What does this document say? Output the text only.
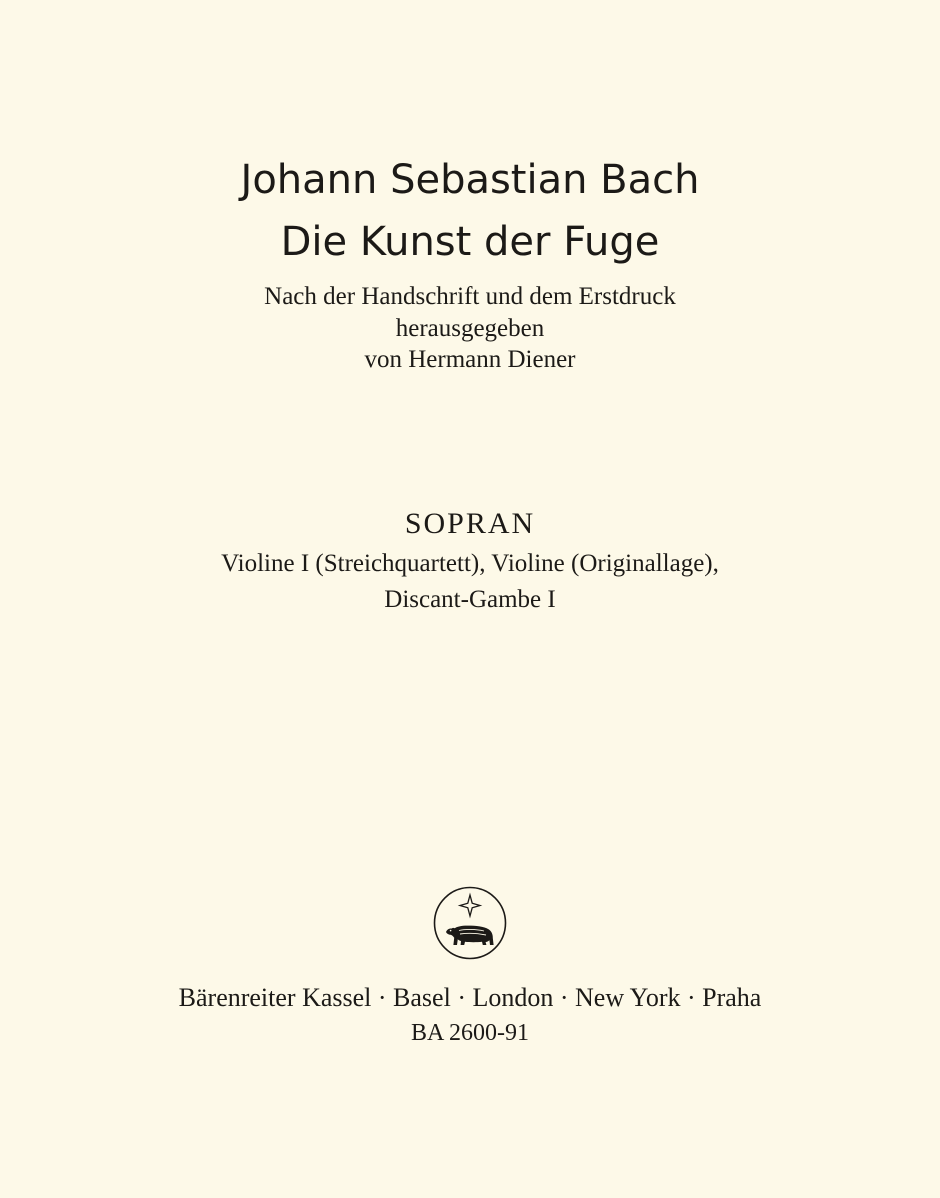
Johann Sebastian Bach
Die Kunst der Fuge
Nach der Handschrift und dem Erstdruck
herausgegeben
von Hermann Diener
SOPRAN
Violine I (Streichquartett), Violine (Originallage),
Discant-Gambe I
Bärenreiter Kassel · Basel · London · New York · Praha
BA 2600-91
